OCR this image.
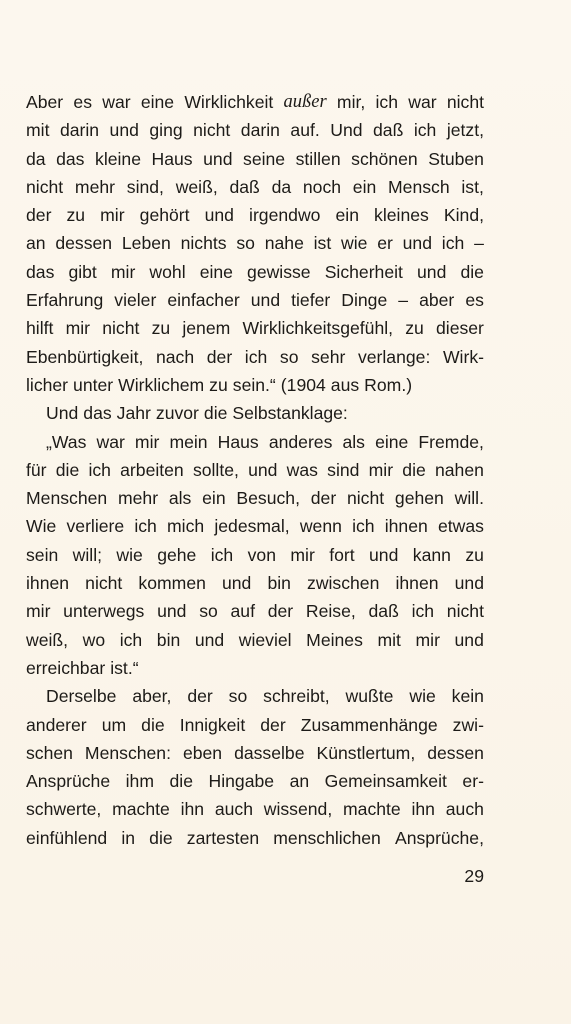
Aber es war eine Wirklichkeit außer mir, ich war nicht
mit darin und ging nicht darin auf. Und daß ich jetzt,
da das kleine Haus und seine stillen schönen Stuben
nicht mehr sind, weiß, daß da noch ein Mensch ist,
der zu mir gehört und irgendwo ein kleines Kind,
an dessen Leben nichts so nahe ist wie er und ich –
das gibt mir wohl eine gewisse Sicherheit und die
Erfahrung vieler einfacher und tiefer Dinge – aber es
hilft mir nicht zu jenem Wirklichkeitsgefühl, zu dieser
Ebenbürtigkeit, nach der ich so sehr verlange: Wirk-
licher unter Wirklichem zu sein.“ (1904 aus Rom.)
Und das Jahr zuvor die Selbstanklage:
„Was war mir mein Haus anderes als eine Fremde,
für die ich arbeiten sollte, und was sind mir die nahen
Menschen mehr als ein Besuch, der nicht gehen will.
Wie verliere ich mich jedesmal, wenn ich ihnen etwas
sein will; wie gehe ich von mir fort und kann zu
ihnen nicht kommen und bin zwischen ihnen und
mir unterwegs und so auf der Reise, daß ich nicht
weiß, wo ich bin und wieviel Meines mit mir und
erreichbar ist.“
Derselbe aber, der so schreibt, wußte wie kein
anderer um die Innigkeit der Zusammenhänge zwi-
schen Menschen: eben dasselbe Künstlertum, dessen
Ansprüche ihm die Hingabe an Gemeinsamkeit er-
schwerte, machte ihn auch wissend, machte ihn auch
einfühlend in die zartesten menschlichen Ansprüche,
29
